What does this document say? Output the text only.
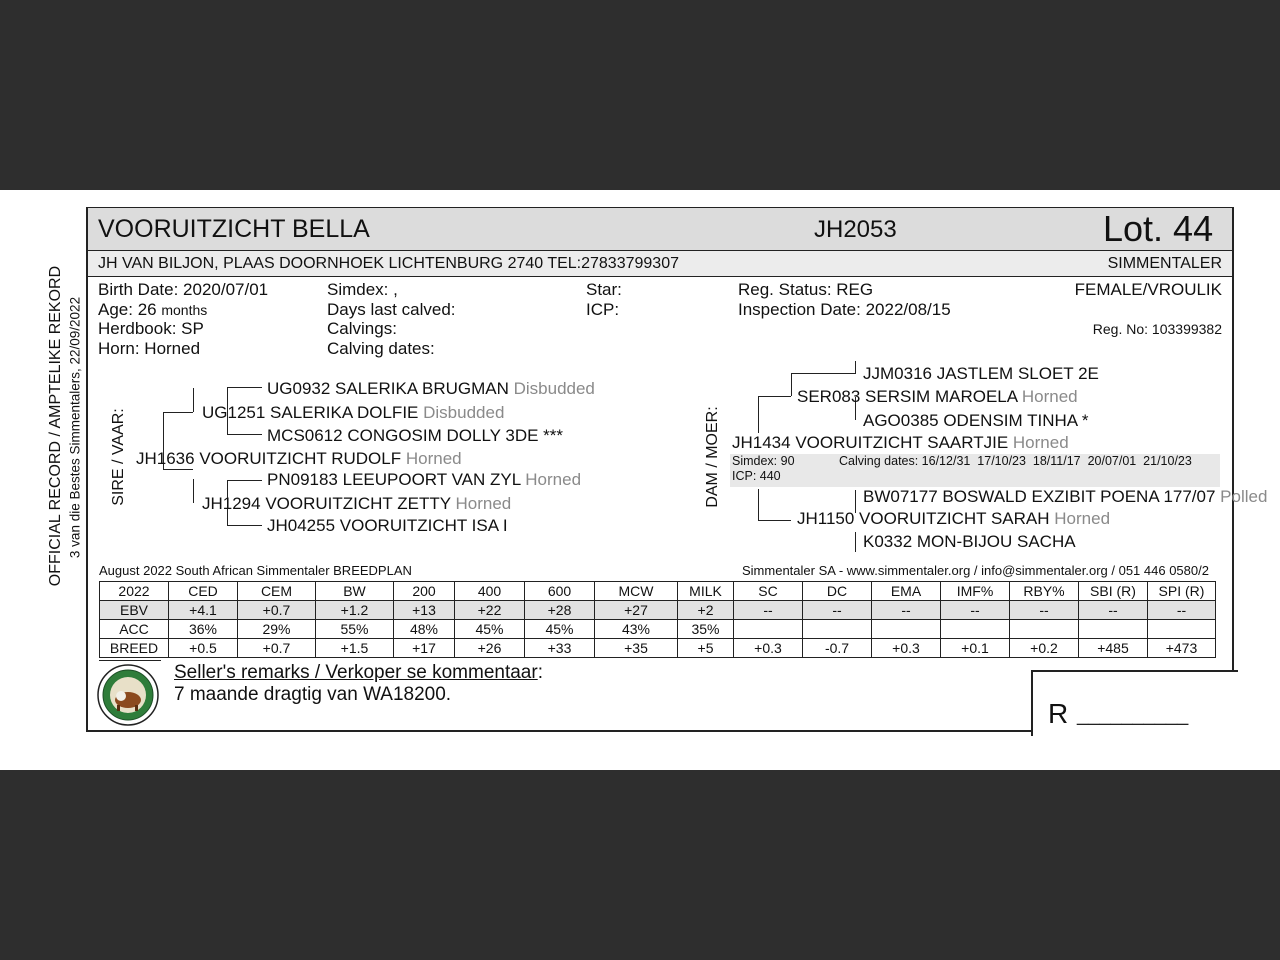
OFFICIAL RECORD / AMPTELIKE REKORD 3 van die Bestes Simmentalers, 22/09/2022
VOORUITZICHT BELLA	JH2053	Lot. 44
JH VAN BILJON, PLAAS DOORNHOEK LICHTENBURG 2740 TEL:27833799307	SIMMENTALER
Birth Date: 2020/07/01
Age: 26 months
Herdbook: SP
Horn: Horned
Simdex: ,
Days last calved:
Calvings:
Calving dates:
Star:
ICP:
Reg. Status: REG
Inspection Date: 2022/08/15
FEMALE/VROULIK
Reg. No: 103399382
SIRE / VAAR:
UG0932 SALERIKA BRUGMAN Disbudded
UG1251 SALERIKA DOLFIE Disbudded
MCS0612 CONGOSIM DOLLY 3DE ***
JH1636 VOORUITZICHT RUDOLF Horned
PN09183 LEEUPOORT VAN ZYL Horned
JH1294 VOORUITZICHT ZETTY Horned
JH04255 VOORUITZICHT ISA I
DAM / MOER:
JJM0316 JASTLEM SLOET 2E
SER083 SERSIM MAROELA Horned
AGO0385 ODENSIM TINHA *
JH1434 VOORUITZICHT SAARTJIE Horned
Simdex: 90
ICP: 440
Calving dates: 16/12/31  17/10/23  18/11/17  20/07/01  21/10/23
BW07177 BOSWALD EXZIBIT POENA 177/07 Polled
JH1150 VOORUITZICHT SARAH Horned
K0332 MON-BIJOU SACHA
August 2022 South African Simmentaler BREEDPLAN	Simmentaler SA - www.simmentaler.org / info@simmentaler.org / 051 446 0580/2
2022	CED	CEM	BW	200	400	600	MCW	MILK	SC	DC	EMA	IMF%	RBY%	SBI (R)	SPI (R)
EBV	+4.1	+0.7	+1.2	+13	+22	+28	+27	+2	--	--	--	--	--	--	--
ACC	36%	29%	55%	48%	45%	45%	43%	35%							
BREED	+0.5	+0.7	+1.5	+17	+26	+33	+35	+5	+0.3	-0.7	+0.3	+0.1	+0.2	+485	+473
Seller's remarks / Verkoper se kommentaar:
7 maande dragtig van WA18200.
R __________
